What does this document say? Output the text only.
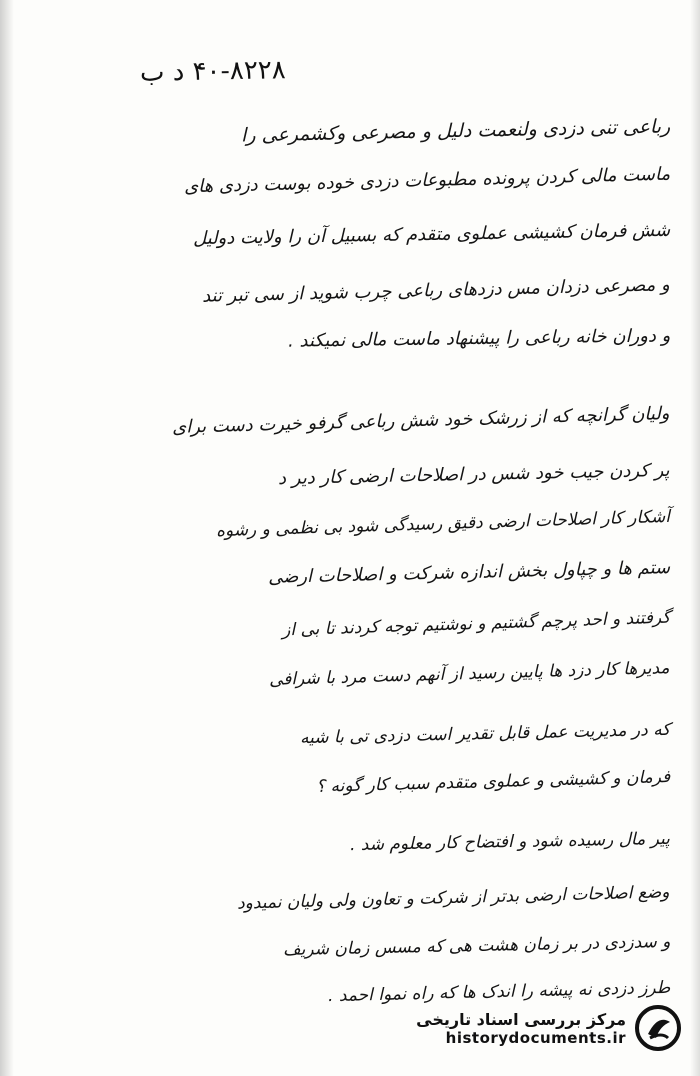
۴۰-۸۲۲۸ د ب
رباعی تنی دزدی ولنعمت دلیل و مصرعی وکشمرعی را
ماست مالی کردن پرونده مطبوعات دزدی خوده بوست دزدی های
شش فرمان کشیشی عملوی متقدم که بسبیل آن را ولایت دولیل
و مصرعی دزدان مس دزدهای رباعی چرب شوید از سی تبر تند
و دوران خانه رباعی را پیشنهاد ماست مالی نمیکند .
ولیان گرانچه که از زرشک خود شش رباعی گرفو خیرت دست برای
پر کردن جیب خود شس در اصلاحات ارضی کار دیر د
آشکار کار اصلاحات ارضی دقیق رسیدگی شود بی نظمی و رشوه
ستم ها و چپاول بخش اندازه شرکت و اصلاحات ارضی
گرفتند و احد پرچم گشتیم و نوشتیم توجه کردند تا بی از
مدیرها کار دزد ها پایین رسید از آنهم دست مرد با شرافی
که در مدیریت عمل قابل تقدیر است دزدی تی با شیه
فرمان و کشیشی و عملوی متقدم سبب کار گونه ؟
پیر مال رسیده شود و افتضاح کار معلوم شد .
وضع اصلاحات ارضی بدتر از شرکت و تعاون ولی ولیان نمیدود
و سدزدی در بر زمان هشت هی که مسس زمان شریف
طرز دزدی نه پیشه را اندک ها که راه نموا احمد .
مرکز بررسی اسناد تاریخی
historydocuments.ir
